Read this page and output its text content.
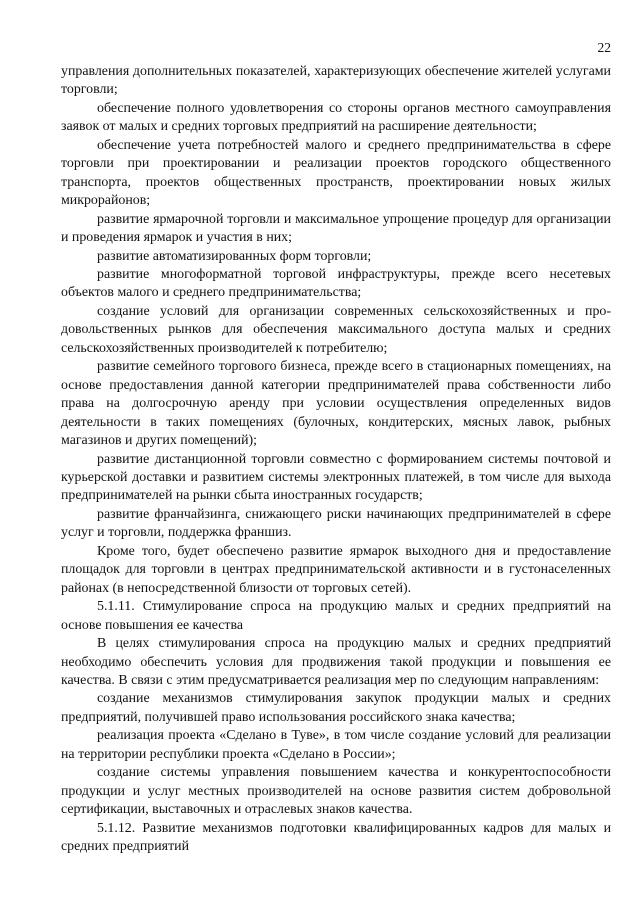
22

управления дополнительных показателей, характеризующих обеспечение жителей услугами торговли;

обеспечение полного удовлетворения со стороны органов местного самоуправления заявок от малых и средних торговых предприятий на расширение деятельности;

обеспечение учета потребностей малого и среднего предпринимательства в сфере торговли при проектировании и реализации проектов городского общественного транспорта, проектов общественных пространств, проектировании новых жилых микрорайонов;

развитие ярмарочной торговли и максимальное упрощение процедур для организации и проведения ярмарок и участия в них;

развитие автоматизированных форм торговли;

развитие многоформатной торговой инфраструктуры, прежде всего несетевых объектов малого и среднего предпринимательства;

создание условий для организации современных сельскохозяйственных и продовольственных рынков для обеспечения максимального доступа малых и средних сельскохозяйственных производителей к потребителю;

развитие семейного торгового бизнеса, прежде всего в стационарных помещениях, на основе предоставления данной категории предпринимателей права собственности либо права на долгосрочную аренду при условии осуществления определенных видов деятельности в таких помещениях (булочных, кондитерских, мясных лавок, рыбных магазинов и других помещений);

развитие дистанционной торговли совместно с формированием системы почтовой и курьерской доставки и развитием системы электронных платежей, в том числе для выхода предпринимателей на рынки сбыта иностранных государств;

развитие франчайзинга, снижающего риски начинающих предпринимателей в сфере услуг и торговли, поддержка франшиз.

Кроме того, будет обеспечено развитие ярмарок выходного дня и предоставление площадок для торговли в центрах предпринимательской активности и в густонаселенных районах (в непосредственной близости от торговых сетей).

5.1.11. Стимулирование спроса на продукцию малых и средних предприятий на основе повышения ее качества

В целях стимулирования спроса на продукцию малых и средних предприятий необходимо обеспечить условия для продвижения такой продукции и повышения ее качества. В связи с этим предусматривается реализация мер по следующим направлениям:

создание механизмов стимулирования закупок продукции малых и средних предприятий, получившей право использования российского знака качества;

реализация проекта «Сделано в Туве», в том числе создание условий для реализации на территории республики проекта «Сделано в России»;

создание системы управления повышением качества и конкурентоспособности продукции и услуг местных производителей на основе развития систем добровольной сертификации, выставочных и отраслевых знаков качества.

5.1.12. Развитие механизмов подготовки квалифицированных кадров для малых и средних предприятий
